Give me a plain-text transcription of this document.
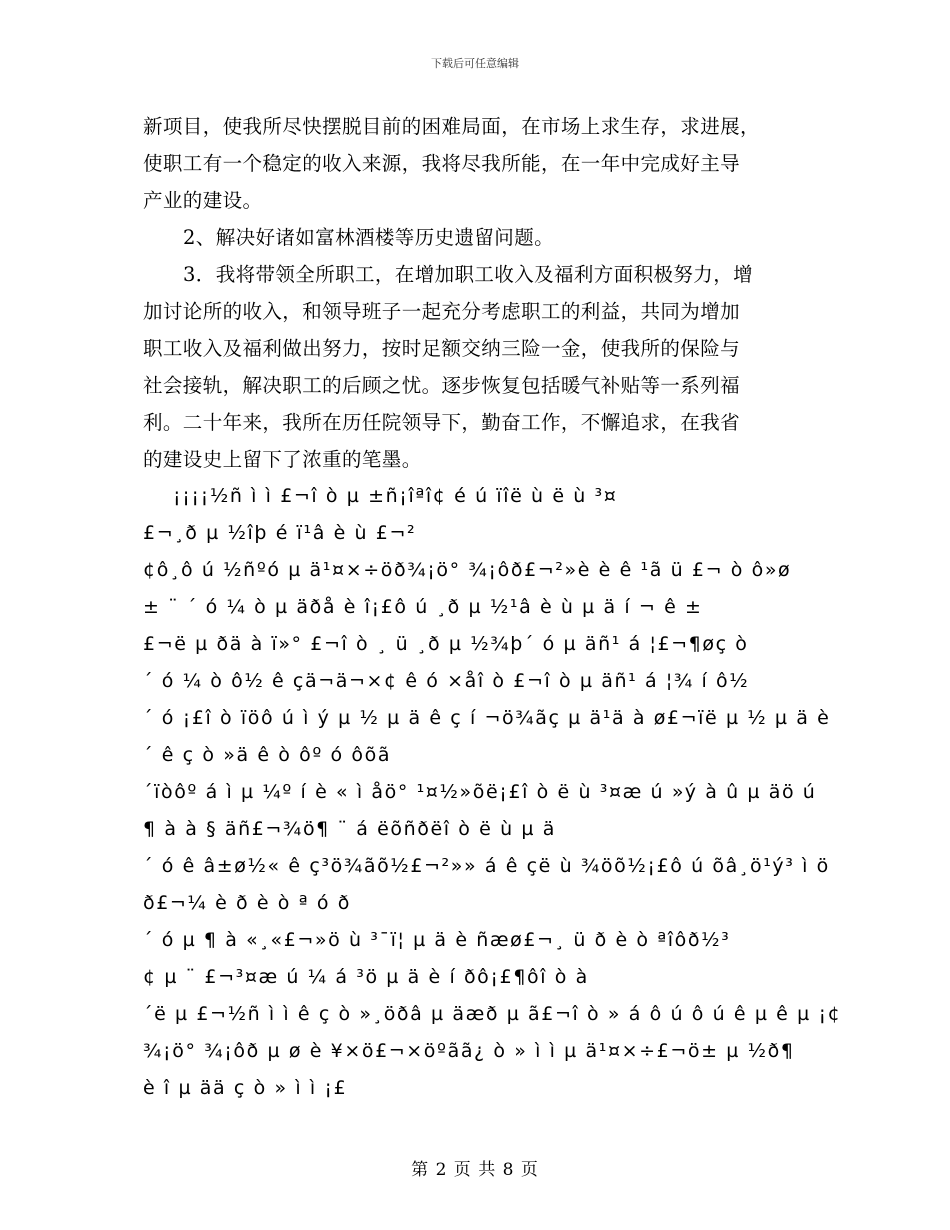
下载后可任意编辑
新项目，使我所尽快摆脱目前的困难局面，在市场上求生存，求进展，
使职工有一个稳定的收入来源，我将尽我所能，在一年中完成好主导
产业的建设。
2、解决好诸如富林酒楼等历史遗留问题。
3．我将带领全所职工，在增加职工收入及福利方面积极努力，增
加讨论所的收入，和领导班子一起充分考虑职工的利益，共同为增加
职工收入及福利做出努力，按时足额交纳三险一金，使我所的保险与
社会接轨，解决职工的后顾之忧。逐步恢复包括暖气补贴等一系列福
利。二十年来，我所在历任院领导下，勤奋工作，不懈追求，在我省
的建设史上留下了浓重的笔墨。
¡¡¡¡½ñ ì ì £¬î ò µ ±ñ¡îªî¢ é ú ïîë ù ë ù ³¤
£¬¸ð µ ½îþ é ï¹â è ù £¬²
¢ô¸ô ú ½ñºó µ ä¹¤×÷öð¾¡ö° ¾¡ôð£¬²»è è ê ¹ã ü £¬ ò ô»ø
± ¨ ´ ó ¼ ò µ äðå è î¡£ô ú ¸ð µ ½¹â è ù µ ä í ¬ ê ±
£¬ë µ ðä à ï»° £¬î ò ¸ ü ¸ð µ ½¾þ´ ó µ äñ¹ á ¦£¬¶øç ò
´ ó ¼ ò ô½ ê çä¬ä¬×¢ ê ó ×åî ò £¬î ò µ äñ¹ á ¦¾ í ô½
´ ó ¡£î ò ïöô ú ì ý µ ½ µ ä ê ç í ¬ö¾ãç µ ä¹ä à ø£¬ïë µ ½ µ ä è
´ ê ç ò »ä ê ò ôº ó ôõã
´ïòôº á ì µ ¼º í è « ì åö° ¹¤½»õë¡£î ò ë ù ³¤æ ú »ý à û µ äö ú
¶ à à § äñ£¬¾ö¶ ¨ á ëõñðëî ò ë ù µ ä
´ ó ê â±ø½« ê ç³ö¾ãõ½£¬²»» á ê çë ù ¾öõ½¡£ô ú õâ¸ö¹ý³ ì ö
ð£¬¼ è ð è ò ª ó ð
´ ó µ ¶ à «¸«£¬»ö ù ³¯ï¦ µ ä è ñæø£¬¸ ü ð è ò ªîôð½³
¢ µ ¨ £¬³¤æ ú ¼ á ³ö µ ä è í ðô¡£¶ôî ò à
´ë µ £¬½ñ ì ì ê ç ò »¸öðâ µ äæð µ ã£¬î ò » á ô ú ô ú ê µ ê µ ¡¢
¾¡ö° ¾¡ôð µ ø è ¥×ö£¬×öºãã¿ ò » ì ì µ ä¹¤×÷£¬ö± µ ½ð¶
è î µ ää ç ò » ì ì ¡£
第 2 页 共 8 页
